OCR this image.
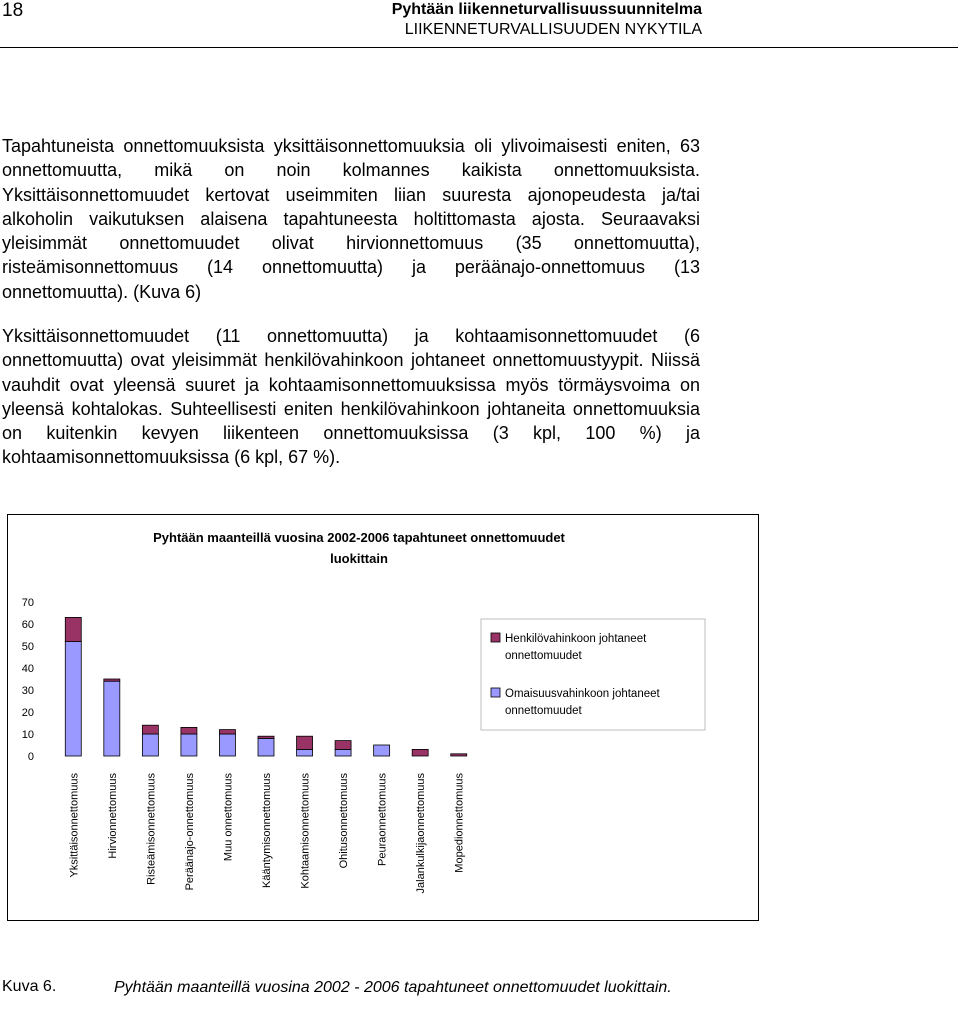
18	Pyhtään liikenneturvallisuussuunnitelma
LIIKENNETURVALLISUUDEN NYKYTILA

Tapahtuneista onnettomuuksista yksittäisonnettomuuksia oli ylivoimaisesti eniten, 63 onnettomuutta, mikä on noin kolmannes kaikista onnettomuuksista. Yksittäisonnettomuudet kertovat useimmiten liian suuresta ajonopeudesta ja/tai alkoholin vaikutuksen alaisena tapahtuneesta holtittomasta ajosta. Seuraavaksi yleisimmät onnettomuudet olivat hirvionnettomuus (35 onnettomuutta), risteämisonnettomuus (14 onnettomuutta) ja peräänajo-onnettomuus (13 onnettomuutta). (Kuva 6)

Yksittäisonnettomuudet (11 onnettomuutta) ja kohtaamisonnettomuudet (6 onnettomuutta) ovat yleisimmät henkilövahinkoon johtaneet onnettomuustyypit. Niissä vauhdit ovat yleensä suuret ja kohtaamisonnettomuuksissa myös törmäysvoima on yleensä kohtalokas. Suhteellisesti eniten henkilövahinkoon johtaneita onnettomuuksia on kuitenkin kevyen liikenteen onnettomuuksissa (3 kpl, 100 %) ja kohtaamisonnettomuuksissa (6 kpl, 67 %).

Pyhtään maanteillä vuosina 2002-2006 tapahtuneet onnettomuudet
luokittain
0
10
20
30
40
50
60
70
Yksittäisonnettomuus Hirvionnettomuus Risteämisonnettomuus Peräänajo-onnettomuus Muu onnettomuus Kääntymisonnettomuus Kohtaamisonnettomuus Ohitusonnettomuus Peuraonnettomuus Jalankulkijaonnettomuus Mopedionnettomuus
Henkilövahinkoon johtaneet
onnettomuudet
Omaisuusvahinkoon johtaneet
onnettomuudet
Kuva 6.	Pyhtään maanteillä vuosina 2002 - 2006 tapahtuneet onnettomuudet luokittain.
